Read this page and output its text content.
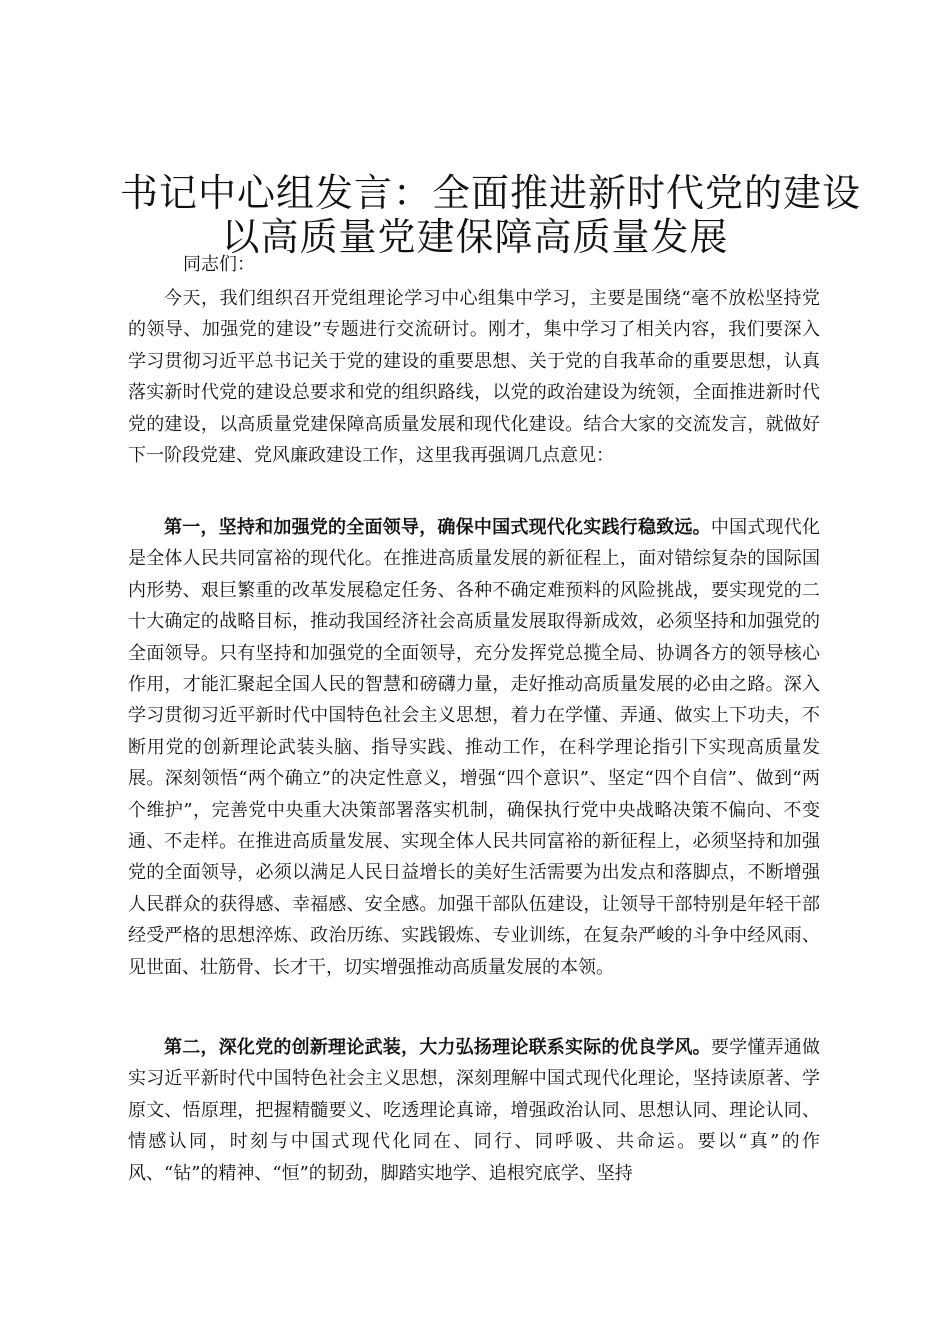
书记中心组发言：全面推进新时代党的建设
以高质量党建保障高质量发展
同志们：

今天，我们组织召开党组理论学习中心组集中学习，主要是围绕“毫不放松坚持党的领导、加强党的建设”专题进行交流研讨。刚才，集中学习了相关内容，我们要深入学习贯彻习近平总书记关于党的建设的重要思想、关于党的自我革命的重要思想，认真落实新时代党的建设总要求和党的组织路线，以党的政治建设为统领，全面推进新时代党的建设，以高质量党建保障高质量发展和现代化建设。结合大家的交流发言，就做好下一阶段党建、党风廉政建设工作，这里我再强调几点意见：

第一，坚持和加强党的全面领导，确保中国式现代化实践行稳致远。中国式现代化是全体人民共同富裕的现代化。在推进高质量发展的新征程上，面对错综复杂的国际国内形势、艰巨繁重的改革发展稳定任务、各种不确定难预料的风险挑战，要实现党的二十大确定的战略目标，推动我国经济社会高质量发展取得新成效，必须坚持和加强党的全面领导。只有坚持和加强党的全面领导，充分发挥党总揽全局、协调各方的领导核心作用，才能汇聚起全国人民的智慧和磅礴力量，走好推动高质量发展的必由之路。深入学习贯彻习近平新时代中国特色社会主义思想，着力在学懂、弄通、做实上下功夫，不断用党的创新理论武装头脑、指导实践、推动工作，在科学理论指引下实现高质量发展。深刻领悟“两个确立”的决定性意义，增强“四个意识”、坚定“四个自信”、做到“两个维护”，完善党中央重大决策部署落实机制，确保执行党中央战略决策不偏向、不变通、不走样。在推进高质量发展、实现全体人民共同富裕的新征程上，必须坚持和加强党的全面领导，必须以满足人民日益增长的美好生活需要为出发点和落脚点，不断增强人民群众的获得感、幸福感、安全感。加强干部队伍建设，让领导干部特别是年轻干部经受严格的思想淬炼、政治历练、实践锻炼、专业训练，在复杂严峻的斗争中经风雨、见世面、壮筋骨、长才干，切实增强推动高质量发展的本领。

第二，深化党的创新理论武装，大力弘扬理论联系实际的优良学风。要学懂弄通做实习近平新时代中国特色社会主义思想，深刻理解中国式现代化理论，坚持读原著、学原文、悟原理，把握精髓要义、吃透理论真谛，增强政治认同、思想认同、理论认同、情感认同，时刻与中国式现代化同在、同行、同呼吸、共命运。要以“真”的作风、“钻”的精神、“恒”的韧劲，脚踏实地学、追根究底学、坚持
